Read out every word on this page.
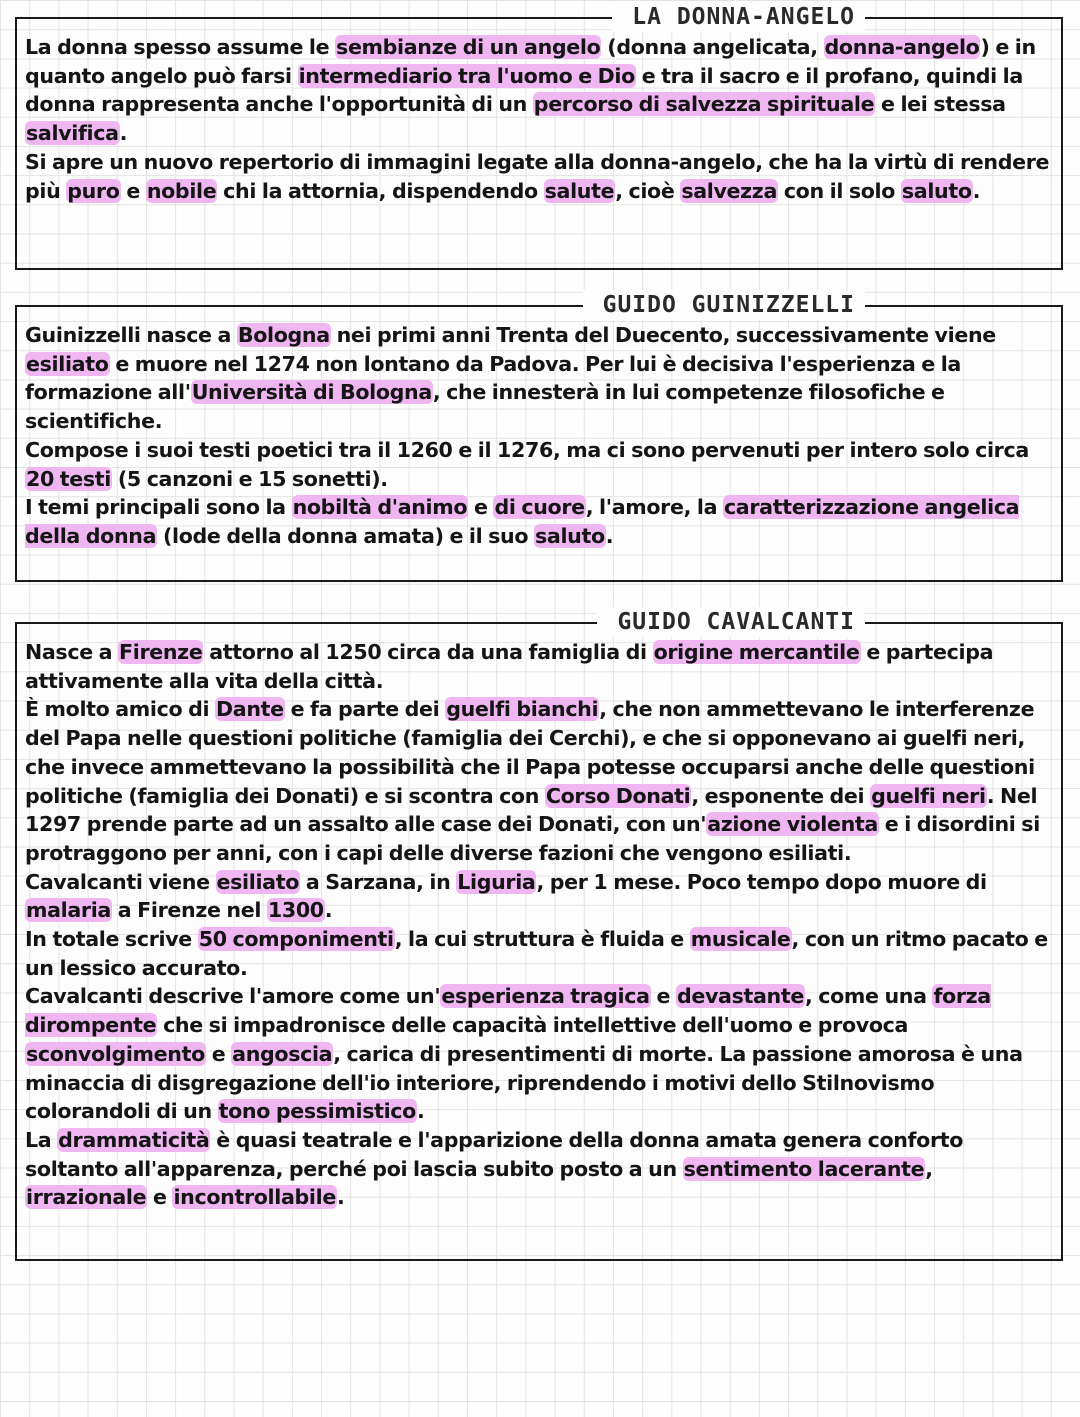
LA DONNA-ANGELO

La donna spesso assume le sembianze di un angelo (donna angelicata, donna-angelo) e in quanto angelo può farsi intermediario tra l'uomo e Dio e tra il sacro e il profano, quindi la donna rappresenta anche l'opportunità di un percorso di salvezza spirituale e lei stessa salvifica.

Si apre un nuovo repertorio di immagini legate alla donna-angelo, che ha la virtù di rendere più puro e nobile chi la attornia, dispendendo salute, cioè salvezza con il solo saluto.

GUIDO GUINIZZELLI

Guinizzelli nasce a Bologna nei primi anni Trenta del Duecento, successivamente viene esiliato e muore nel 1274 non lontano da Padova. Per lui è decisiva l'esperienza e la formazione all'Università di Bologna, che innesterà in lui competenze filosofiche e scientifiche.

Compose i suoi testi poetici tra il 1260 e il 1276, ma ci sono pervenuti per intero solo circa 20 testi (5 canzoni e 15 sonetti).

I temi principali sono la nobiltà d'animo e di cuore, l'amore, la caratterizzazione angelica della donna (lode della donna amata) e il suo saluto.

GUIDO CAVALCANTI

Nasce a Firenze attorno al 1250 circa da una famiglia di origine mercantile e partecipa attivamente alla vita della città.

È molto amico di Dante e fa parte dei guelfi bianchi, che non ammettevano le interferenze del Papa nelle questioni politiche (famiglia dei Cerchi), e che si opponevano ai guelfi neri, che invece ammettevano la possibilità che il Papa potesse occuparsi anche delle questioni politiche (famiglia dei Donati) e si scontra con Corso Donati, esponente dei guelfi neri. Nel 1297 prende parte ad un assalto alle case dei Donati, con un'azione violenta e i disordini si protraggono per anni, con i capi delle diverse fazioni che vengono esiliati.

Cavalcanti viene esiliato a Sarzana, in Liguria, per 1 mese. Poco tempo dopo muore di malaria a Firenze nel 1300.

In totale scrive 50 componimenti, la cui struttura è fluida e musicale, con un ritmo pacato e un lessico accurato.

Cavalcanti descrive l'amore come un'esperienza tragica e devastante, come una forza dirompente che si impadronisce delle capacità intellettive dell'uomo e provoca sconvolgimento e angoscia, carica di presentimenti di morte. La passione amorosa è una minaccia di disgregazione dell'io interiore, riprendendo i motivi dello Stilnovismo colorandoli di un tono pessimistico.

La drammaticità è quasi teatrale e l'apparizione della donna amata genera conforto soltanto all'apparenza, perché poi lascia subito posto a un sentimento lacerante, irrazionale e incontrollabile.
